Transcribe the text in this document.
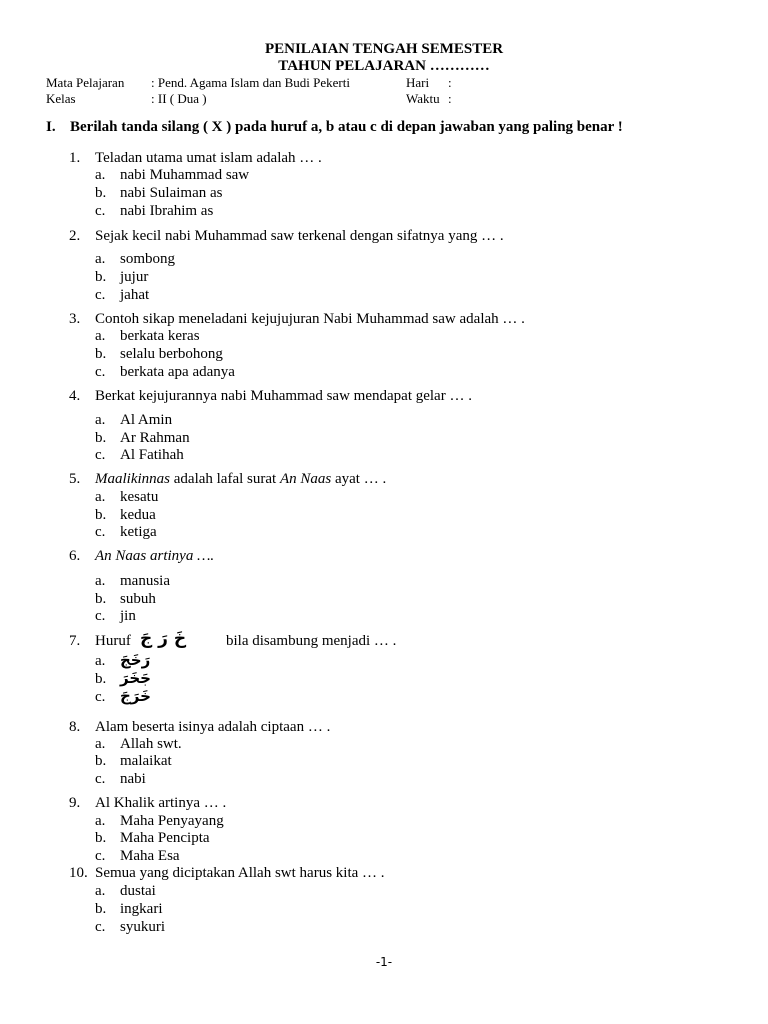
PENILAIAN TENGAH SEMESTER
TAHUN PELAJARAN …………
Mata Pelajaran : Pend. Agama Islam dan Budi Pekerti	Hari :
Kelas	: II ( Dua )	Waktu :
I. Berilah tanda silang ( X ) pada huruf a, b atau c di depan jawaban yang paling benar !
1. Teladan utama umat islam adalah … .
a. nabi Muhammad saw
b. nabi Sulaiman as
c. nabi Ibrahim as
2. Sejak kecil nabi Muhammad saw terkenal dengan sifatnya yang … .
a. sombong
b. jujur
c. jahat
3. Contoh sikap meneladani kejujujuran Nabi Muhammad saw adalah … .
a. berkata keras
b. selalu berbohong
c. berkata apa adanya
4. Berkat kejujurannya nabi Muhammad saw mendapat gelar … .
a. Al Amin
b. Ar Rahman
c. Al Fatihah
5. Maalikinnas adalah lafal surat An Naas ayat … .
a. kesatu
b. kedua
c. ketiga
6. An Naas artinya ….
a. manusia
b. subuh
c. jin
7. Huruf خَ رَ جَ	bila disambung menjadi … .
a. رَخَجَ
b. جَخَرَ
c. خَرَجَ
8. Alam beserta isinya adalah ciptaan … .
a. Allah swt.
b. malaikat
c. nabi
9. Al Khalik artinya … .
a. Maha Penyayang
b. Maha Pencipta
c. Maha Esa
10. Semua yang diciptakan Allah swt harus kita … .
a. dustai
b. ingkari
c. syukuri
-1-
